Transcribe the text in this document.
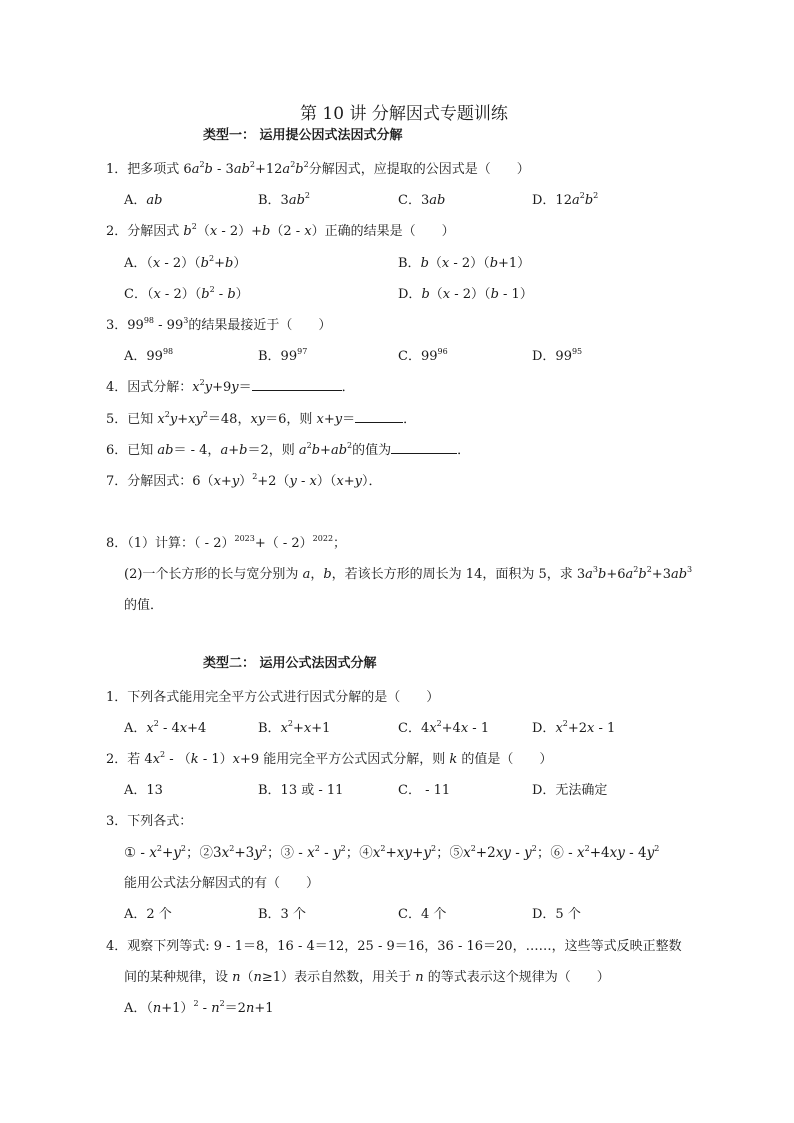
第 10 讲 分解因式专题训练
类型一： 运用提公因式法因式分解
1．把多项式 $6a^2b - 3ab^2+12a^2b^2$分解因式，应提取的公因式是（　　）
A．ab	B．$3ab^2$	C．3ab	D．$12a^2b^2$
2．分解因式 $b^2(x - 2)+b(2 - x)$正确的结果是（　　）
A．$(x - 2)(b^2+b)$	B．b（x - 2）（b+1）
C．$(x - 2)(b^2 - b)$	D．b（x - 2）（b - 1）
3．$99^{98} - 99^3$的结果最接近于（　　）
A．$99^{98}$	B．$99^{97}$	C．$99^{96}$	D．$99^{95}$
4．因式分解：$x^2y+9y=$	．
5．已知 $x^2y+xy^2=48$，xy＝6，则 x+y＝	．
6．已知 ab＝ - 4，a+b＝2，则 $a^2b+ab^2$的值为	．
7．分解因式：$6(x+y)^2+2(y - x)(x+y)$．
8．（1）计算：（ - 2）$^{2023}$+（ - 2）$^{2022}$；
(2)一个长方形的长与宽分别为 a，b，若该长方形的周长为 14，面积为 5，求 $3a^3b+6a^2b^2+3ab^3$
的值．
类型二： 运用公式法因式分解
1．下列各式能用完全平方公式进行因式分解的是（　　）
A．$x^2 - 4x+4$	B．$x^2+x+1$	C．$4x^2+4x - 1$	D．$x^2+2x - 1$
2．若 $4x^2 - (k - 1)x+9$ 能用完全平方公式因式分解，则 k 的值是（　　）
A．13	B．13 或 - 11	C． - 11	D．无法确定
3．下列各式：
① - $x^2+y^2$；$②3x^2+3y^2$；③ - $x^2 - y^2$；$④x^2+xy+y^2$；$⑤x^2+2xy - y^2$；⑥ - $x^2+4xy - 4y^2$
能用公式法分解因式的有（　　）
A．2 个	B．3 个	C．4 个	D．5 个
4．观察下列等式: 9 - 1＝8，16 - 4＝12，25 - 9＝16，36 - 16＝20，……，这些等式反映正整数
间的某种规律，设 n（n≥1）表示自然数，用关于 n 的等式表示这个规律为（　　）
A．$(n+1)^2 - n^2=2n+1$
